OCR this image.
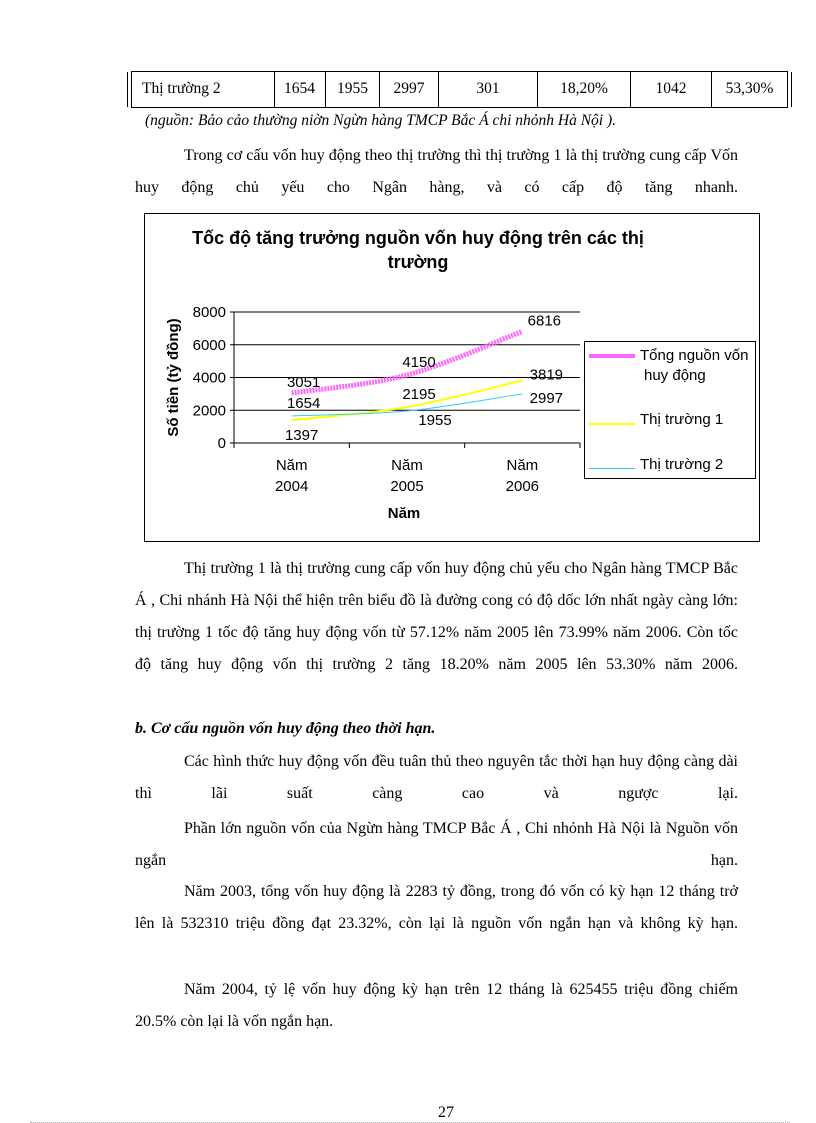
Thị trường 2	1654	1955	2997	301	18,20%	1042	53,30%
(nguồn: Bảo cảo thường niờn Ngừn hàng TMCP Bắc Á chi nhỏnh Hà Nội ).
Trong cơ cấu vốn huy động theo thị trường thì thị trường 1 là thị trường cung cấp Vốn huy động chủ yếu cho Ngân hàng, và có cấp độ tăng nhanh.
Tốc độ tăng trưởng nguồn vốn huy động trên các thị trường
0
2000
4000
6000
8000
Năm
2004
Năm
2005
Năm
2006
Năm
Số tiền (tỷ đồng)	3051
4150
6816
1397
2195
3819
1654
1955
2997
Tổng nguồn vốn
huy động
Thị trường 1
Thị trường 2
Thị trường 1 là thị trường cung cấp vốn huy động chủ yếu cho Ngân hàng TMCP Bắc Á , Chi nhánh Hà Nội thể hiện trên biểu đồ là đường cong có độ dốc lớn nhất ngày càng lớn: thị trường 1 tốc độ tăng huy động vốn từ 57.12% năm 2005 lên 73.99% năm 2006. Còn tốc độ tăng huy động vốn thị trường 2 tăng 18.20% năm 2005 lên 53.30% năm 2006.
b. Cơ cấu nguồn vốn huy động theo thời hạn.
Các hình thức huy động vốn đều tuân thủ theo nguyên tắc thời hạn huy động càng dài thì lãi suất càng cao và ngược lại.
Phần lớn nguồn vốn của Ngừn hàng TMCP Bắc Á , Chi nhỏnh Hà Nội là Nguồn vốn ngắn hạn.
Năm 2003, tổng vốn huy động là 2283 tỷ đồng, trong đó vốn có kỳ hạn 12 tháng trở lên là 532310 triệu đồng đạt 23.32%, còn lại là nguồn vốn ngắn hạn và không kỳ hạn.
Năm 2004, tỷ lệ vốn huy động kỳ hạn trên 12 tháng là 625455 triệu đồng chiếm 20.5% còn lại là vốn ngắn hạn.
27
